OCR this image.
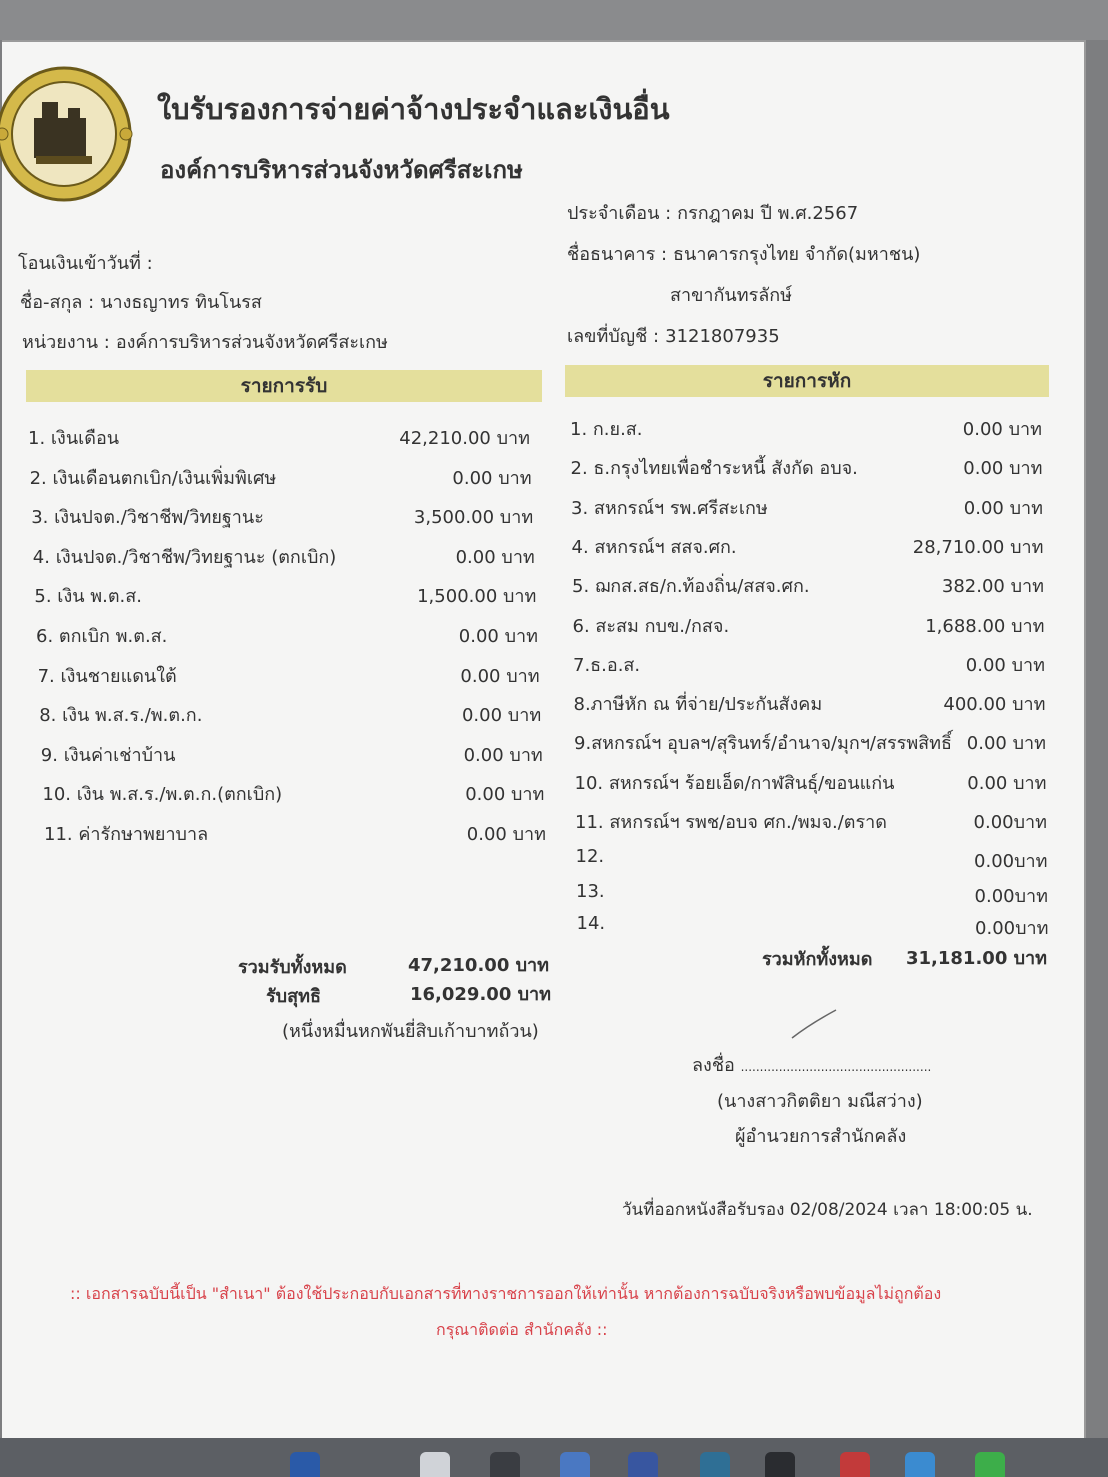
ใบรับรองการจ่ายค่าจ้างประจำและเงินอื่น
องค์การบริหารส่วนจังหวัดศรีสะเกษ
ประจำเดือน : กรกฎาคม ปี พ.ศ.2567
ชื่อธนาคาร : ธนาคารกรุงไทย จำกัด(มหาชน)
สาขากันทรลักษ์
เลขที่บัญชี : 3121807935
โอนเงินเข้าวันที่ :
ชื่อ-สกุล : นางธญาทร ทินโนรส
หน่วยงาน : องค์การบริหารส่วนจังหวัดศรีสะเกษ
รายการรับ	รายการหัก
1. เงินเดือน	42,210.00 บาท
2. เงินเดือนตกเบิก/เงินเพิ่มพิเศษ	0.00 บาท
3. เงินปจต./วิชาชีพ/วิทยฐานะ	3,500.00 บาท
4. เงินปจต./วิชาชีพ/วิทยฐานะ (ตกเบิก)	0.00 บาท
5. เงิน พ.ต.ส.	1,500.00 บาท
6. ตกเบิก พ.ต.ส.	0.00 บาท
7. เงินชายแดนใต้	0.00 บาท
8. เงิน พ.ส.ร./พ.ต.ก.	0.00 บาท
9. เงินค่าเช่าบ้าน	0.00 บาท
10. เงิน พ.ส.ร./พ.ต.ก.(ตกเบิก)	0.00 บาท
11. ค่ารักษาพยาบาล	0.00 บาท
1. ก.ย.ส.	0.00 บาท
2. ธ.กรุงไทยเพื่อชำระหนี้ สังกัด อบจ.	0.00 บาท
3. สหกรณ์ฯ รพ.ศรีสะเกษ	0.00 บาท
4. สหกรณ์ฯ สสจ.ศก.	28,710.00 บาท
5. ฌกส.สธ/ก.ท้องถิ่น/สสจ.ศก.	382.00 บาท
6. สะสม กบข./กสจ.	1,688.00 บาท
7.ธ.อ.ส.	0.00 บาท
8.ภาษีหัก ณ ที่จ่าย/ประกันสังคม	400.00 บาท
9.สหกรณ์ฯ อุบลฯ/สุรินทร์/อำนาจ/มุกฯ/สรรพสิทธิ์ 0.00 บาท
10. สหกรณ์ฯ ร้อยเอ็ด/กาฬสินธุ์/ขอนแก่น	0.00 บาท
11. สหกรณ์ฯ รพช/อบจ ศก./พมจ./ตราด	0.00บาท
12.	0.00บาท
13.	0.00บาท
14.	0.00บาท
รวมรับทั้งหมด	47,210.00 บาท
รับสุทธิ	16,029.00 บาท
(หนึ่งหมื่นหกพันยี่สิบเก้าบาทถ้วน)
รวมหักทั้งหมด 31,181.00 บาท
ลงชื่อ ..................................................
(นางสาวกิตติยา มณีสว่าง)
ผู้อำนวยการสำนักคลัง
วันที่ออกหนังสือรับรอง 02/08/2024 เวลา 18:00:05 น.
:: เอกสารฉบับนี้เป็น "สำเนา" ต้องใช้ประกอบกับเอกสารที่ทางราชการออกให้เท่านั้น หากต้องการฉบับจริงหรือพบข้อมูลไม่ถูกต้อง
กรุณาติดต่อ สำนักคลัง ::
